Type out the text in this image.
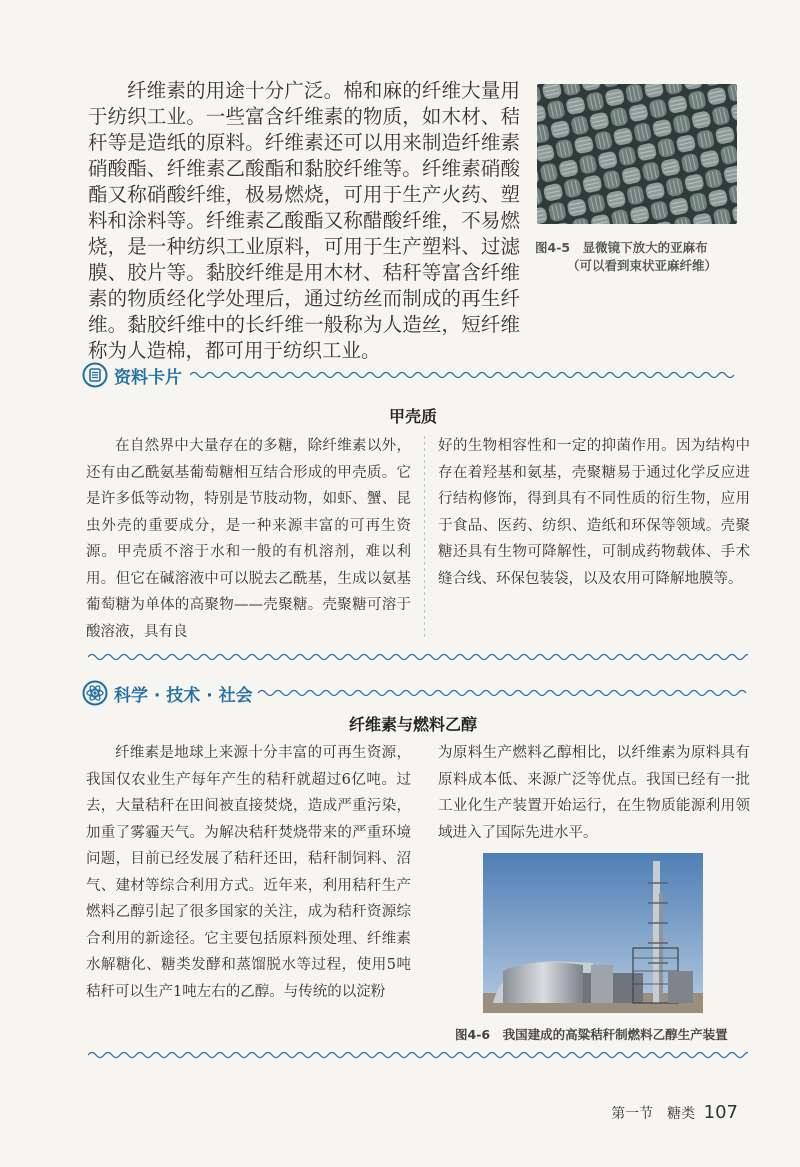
纤维素的用途十分广泛。棉和麻的纤维大量用于纺织工业。一些富含纤维素的物质，如木材、秸秆等是造纸的原料。纤维素还可以用来制造纤维素硝酸酯、纤维素乙酸酯和黏胶纤维等。纤维素硝酸酯又称硝酸纤维，极易燃烧，可用于生产火药、塑料和涂料等。纤维素乙酸酯又称醋酸纤维，不易燃烧，是一种纺织工业原料，可用于生产塑料、过滤膜、胶片等。黏胶纤维是用木材、秸秆等富含纤维素的物质经化学处理后，通过纺丝而制成的再生纤维。黏胶纤维中的长纤维一般称为人造丝，短纤维称为人造棉，都可用于纺织工业。
图4-5　显微镜下放大的亚麻布
（可以看到束状亚麻纤维）
资料卡片
甲壳质
在自然界中大量存在的多糖，除纤维素以外，还有由乙酰氨基葡萄糖相互结合形成的甲壳质。它是许多低等动物，特别是节肢动物，如虾、蟹、昆虫外壳的重要成分，是一种来源丰富的可再生资源。甲壳质不溶于水和一般的有机溶剂，难以利用。但它在碱溶液中可以脱去乙酰基，生成以氨基葡萄糖为单体的高聚物——壳聚糖。壳聚糖可溶于酸溶液，具有良
好的生物相容性和一定的抑菌作用。因为结构中存在着羟基和氨基，壳聚糖易于通过化学反应进行结构修饰，得到具有不同性质的衍生物，应用于食品、医药、纺织、造纸和环保等领域。壳聚糖还具有生物可降解性，可制成药物载体、手术缝合线、环保包装袋，以及农用可降解地膜等。
科学 · 技术 · 社会
纤维素与燃料乙醇
纤维素是地球上来源十分丰富的可再生资源，我国仅农业生产每年产生的秸秆就超过6亿吨。过去，大量秸秆在田间被直接焚烧，造成严重污染，加重了雾霾天气。为解决秸秆焚烧带来的严重环境问题，目前已经发展了秸秆还田，秸秆制饲料、沼气、建材等综合利用方式。近年来，利用秸秆生产燃料乙醇引起了很多国家的关注，成为秸秆资源综合利用的新途径。它主要包括原料预处理、纤维素水解糖化、糖类发酵和蒸馏脱水等过程，使用5吨秸秆可以生产1吨左右的乙醇。与传统的以淀粉
为原料生产燃料乙醇相比，以纤维素为原料具有原料成本低、来源广泛等优点。我国已经有一批工业化生产装置开始运行，在生物质能源利用领域进入了国际先进水平。
图4-6　我国建成的高粱秸秆制燃料乙醇生产装置
第一节　糖类 107
